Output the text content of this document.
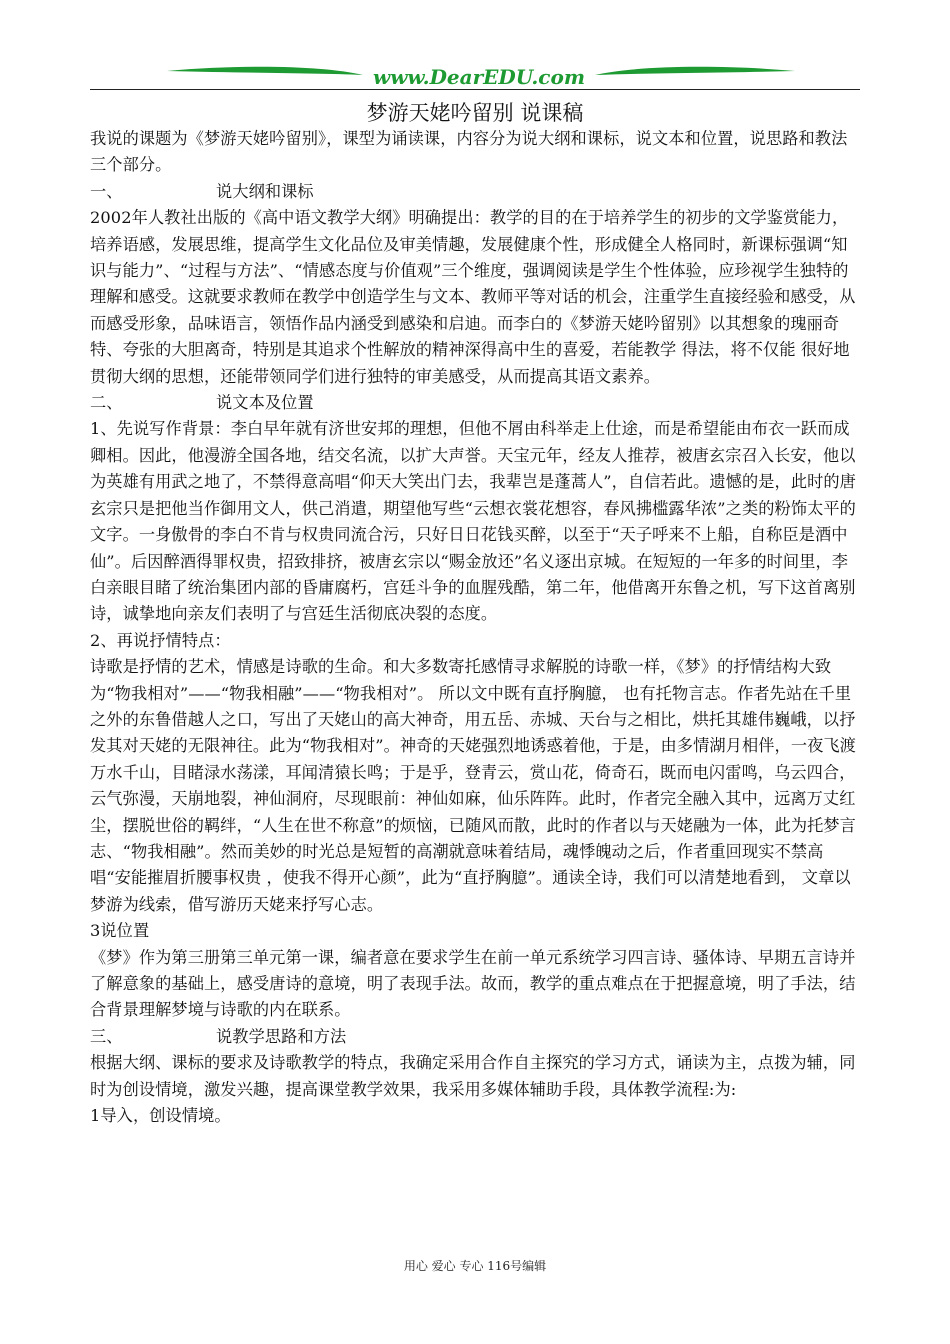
www.DearEDU.com
梦游天姥吟留别 说课稿

我说的课题为《梦游天姥吟留别》，课型为诵读课，内容分为说大纲和课标，说文本和位置，说思路和教法三个部分。

一、	说大纲和课标

2002年人教社出版的《高中语文教学大纲》明确提出：教学的目的在于培养学生的初步的文学鉴赏能力，培养语感，发展思维，提高学生文化品位及审美情趣，发展健康个性，形成健全人格同时，新课标强调“知识与能力”、“过程与方法”、“情感态度与价值观”三个维度，强调阅读是学生个性体验，应珍视学生独特的理解和感受。这就要求教师在教学中创造学生与文本、教师平等对话的机会，注重学生直接经验和感受，从而感受形象，品味语言，领悟作品内涵受到感染和启迪。而李白的《梦游天姥吟留别》以其想象的瑰丽奇特、夸张的大胆离奇，特别是其追求个性解放的精神深得高中生的喜爱，若能教学 得法，将不仅能 很好地贯彻大纲的思想，还能带领同学们进行独特的审美感受，从而提高其语文素养。

二、	说文本及位置

1、先说写作背景：李白早年就有济世安邦的理想，但他不屑由科举走上仕途，而是希望能由布衣一跃而成卿相。因此，他漫游全国各地，结交名流，以扩大声誉。天宝元年，经友人推荐，被唐玄宗召入长安，他以为英雄有用武之地了，不禁得意高唱“仰天大笑出门去，我辈岂是蓬蒿人”，自信若此。遗憾的是，此时的唐玄宗只是把他当作御用文人，供己消遣，期望他写些“云想衣裳花想容，春风拂槛露华浓”之类的粉饰太平的文字。一身傲骨的李白不肯与权贵同流合污，只好日日花钱买醉，以至于“天子呼来不上船，自称臣是酒中仙”。后因醉酒得罪权贵，招致排挤，被唐玄宗以“赐金放还”名义逐出京城。在短短的一年多的时间里，李白亲眼目睹了统治集团内部的昏庸腐朽，宫廷斗争的血腥残酷，第二年，他借离开东鲁之机，写下这首离别诗，诚挚地向亲友们表明了与宫廷生活彻底决裂的态度。

2、再说抒情特点：

诗歌是抒情的艺术，情感是诗歌的生命。和大多数寄托感情寻求解脱的诗歌一样，《梦》的抒情结构大致为“物我相对”——“物我相融”——“物我相对”。 所以文中既有直抒胸臆， 也有托物言志。作者先站在千里之外的东鲁借越人之口，写出了天姥山的高大神奇，用五岳、赤城、天台与之相比，烘托其雄伟巍峨，以抒发其对天姥的无限神往。此为“物我相对”。神奇的天姥强烈地诱惑着他，于是，由多情湖月相伴，一夜飞渡万水千山，目睹渌水荡漾，耳闻清猿长鸣；于是乎，登青云，赏山花，倚奇石，既而电闪雷鸣，乌云四合，云气弥漫，天崩地裂，神仙洞府，尽现眼前：神仙如麻，仙乐阵阵。此时，作者完全融入其中，远离万丈红尘，摆脱世俗的羁绊，“人生在世不称意”的烦恼，已随风而散，此时的作者以与天姥融为一体，此为托梦言志、“物我相融”。然而美妙的时光总是短暂的高潮就意味着结局，魂悸魄动之后，作者重回现实不禁高唱“安能摧眉折腰事权贵 ，使我不得开心颜”，此为“直抒胸臆”。通读全诗，我们可以清楚地看到， 文章以梦游为线索，借写游历天姥来抒写心志。

3说位置

《梦》作为第三册第三单元第一课，编者意在要求学生在前一单元系统学习四言诗、骚体诗、早期五言诗并了解意象的基础上，感受唐诗的意境，明了表现手法。故而，教学的重点难点在于把握意境，明了手法，结合背景理解梦境与诗歌的内在联系。

三、	说教学思路和方法

根据大纲、课标的要求及诗歌教学的特点，我确定采用合作自主探究的学习方式，诵读为主，点拨为辅，同时为创设情境，激发兴趣，提高课堂教学效果，我采用多媒体辅助手段，具体教学流程:为:

1导入，创设情境。

用心 爱心 专心 116号编辑
